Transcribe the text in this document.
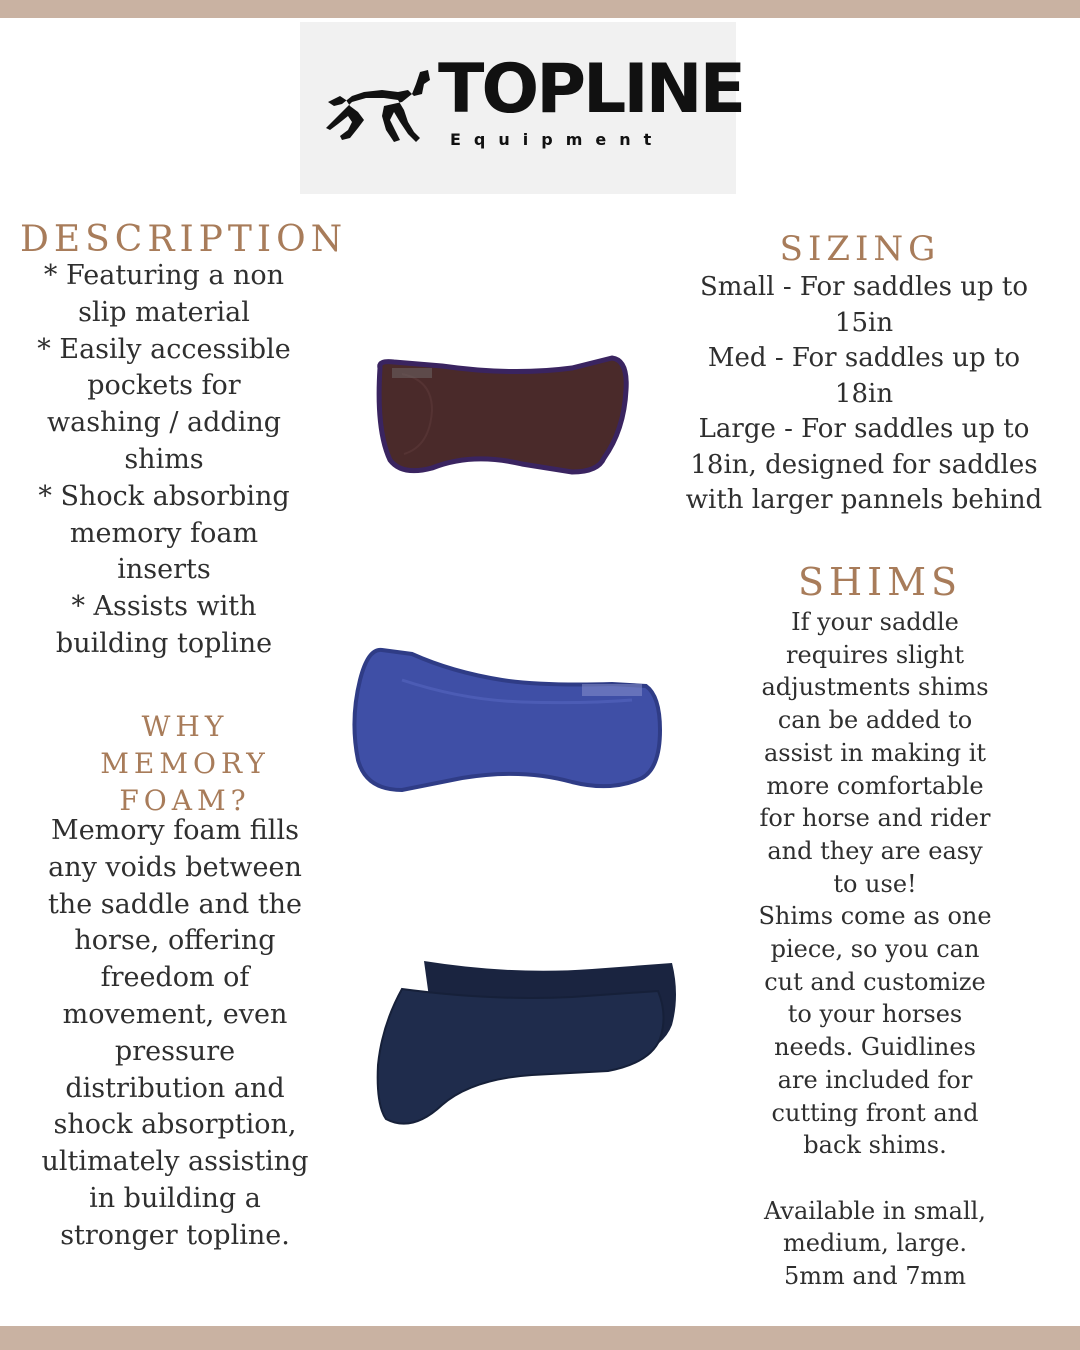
TOPLINE
Equipment
DESCRIPTION
* Featuring a non
slip material
* Easily accessible
pockets for
washing / adding
shims
* Shock absorbing
memory foam
inserts
* Assists with
building topline
WHY
MEMORY
FOAM?
Memory foam fills
any voids between
the saddle and the
horse, offering
freedom of
movement, even
pressure
distribution and
shock absorption,
ultimately assisting
in building a
stronger topline.
SIZING
Small - For saddles up to
15in
Med - For saddles up to
18in
Large - For saddles up to
18in, designed for saddles
with larger pannels behind
SHIMS
If your saddle
requires slight
adjustments shims
can be added to
assist in making it
more comfortable
for horse and rider
and they are easy
to use!
Shims come as one
piece, so you can
cut and customize
to your horses
needs. Guidlines
are included for
cutting front and
back shims.

Available in small,
medium, large.
5mm and 7mm
